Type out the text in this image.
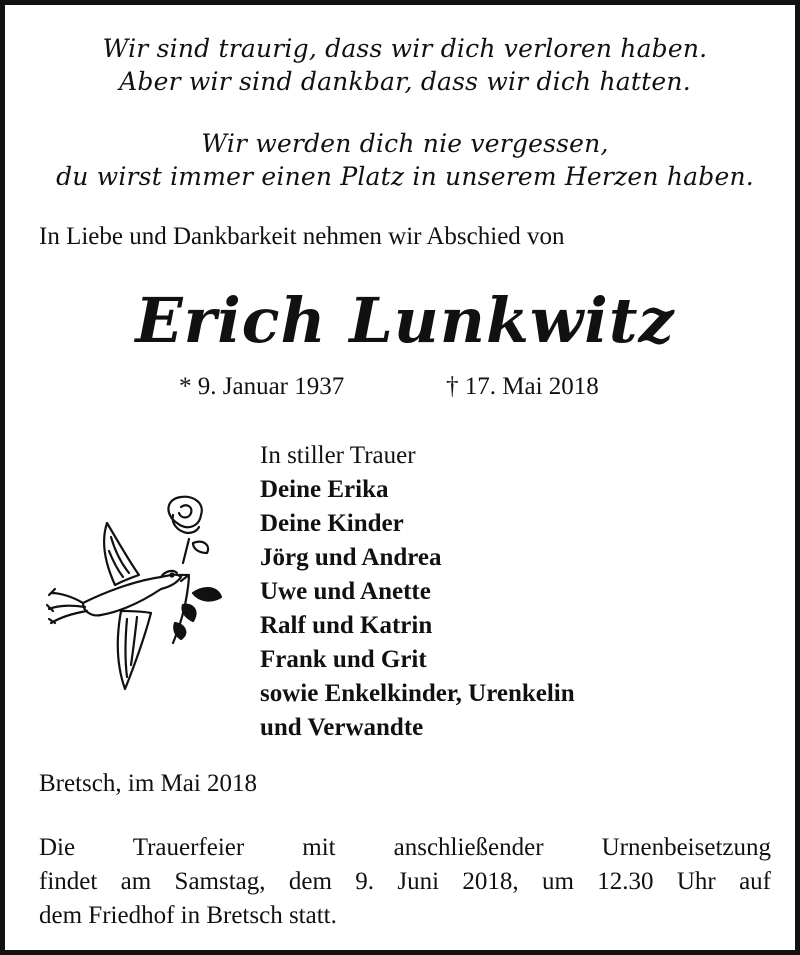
Wir sind traurig, dass wir dich verloren haben.
Aber wir sind dankbar, dass wir dich hatten.
Wir werden dich nie vergessen,
du wirst immer einen Platz in unserem Herzen haben.
In Liebe und Dankbarkeit nehmen wir Abschied von
Erich Lunkwitz
* 9. Januar 1937	† 17. Mai 2018
In stiller Trauer
Deine Erika
Deine Kinder
Jörg und Andrea
Uwe und Anette
Ralf und Katrin
Frank und Grit
sowie Enkelkinder, Urenkelin
und Verwandte
Bretsch, im Mai 2018
Die Trauerfeier mit anschließender Urnenbeisetzung
findet am Samstag, dem 9. Juni 2018, um 12.30 Uhr auf
dem Friedhof in Bretsch statt.
